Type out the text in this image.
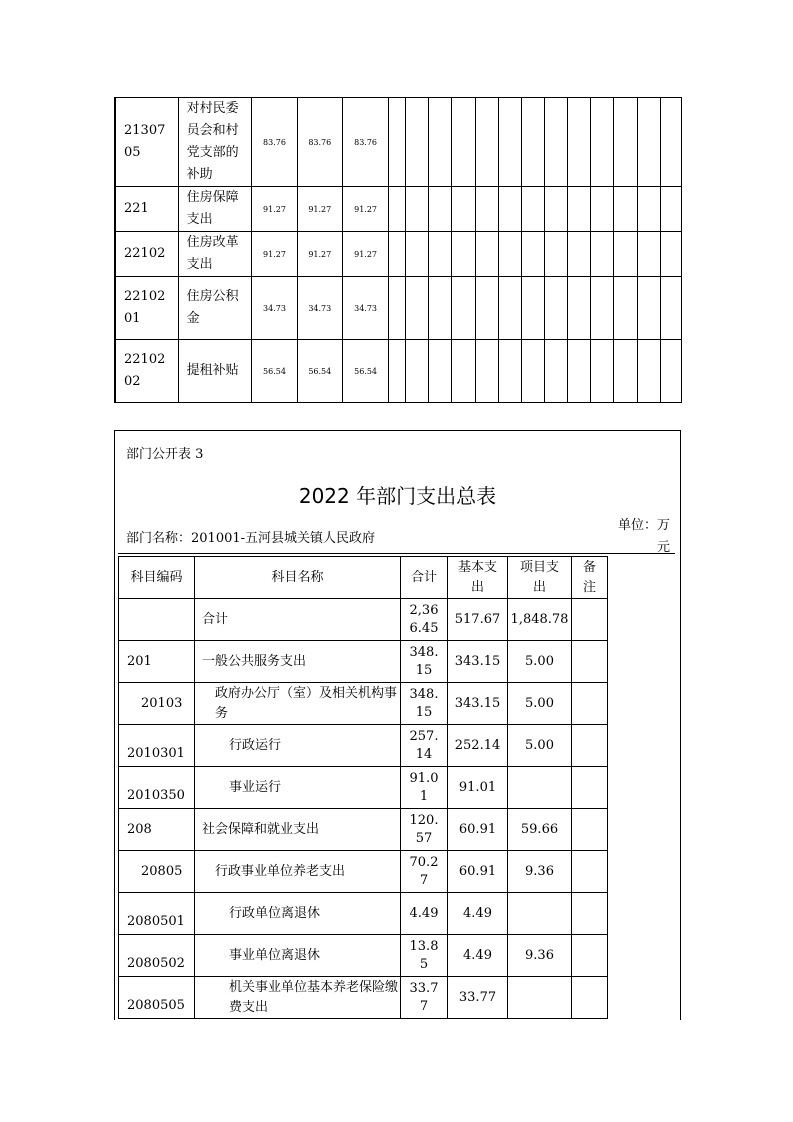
21307
05	对村民委
员会和村
党支部的
补助	83.76	83.76	83.76													
221	住房保障
支出	91.27	91.27	91.27													
22102	住房改革
支出	91.27	91.27	91.27													
22102
01	住房公积
金	34.73	34.73	34.73													
22102
02	提租补贴	56.54	56.54	56.54													
部门公开表 3
2022 年部门支出总表
部门名称：201001-五河县城关镇人民政府
单位：万元
科目编码	科目名称	合计	基本支出	项目支出	备注
	合计	2,366.45	517.67	1,848.78	
201	一般公共服务支出	348.15	343.15	5.00	
20103	政府办公厅（室）及相关机构事务	348.15	343.15	5.00	
2010301	行政运行	257.14	252.14	5.00	
2010350	事业运行	91.01	91.01		
208	社会保障和就业支出	120.57	60.91	59.66	
20805	行政事业单位养老支出	70.27	60.91	9.36	
2080501	行政单位离退休	4.49	4.49		
2080502	事业单位离退休	13.85	4.49	9.36	
2080505	机关事业单位基本养老保险缴费支出	33.77	33.77		
